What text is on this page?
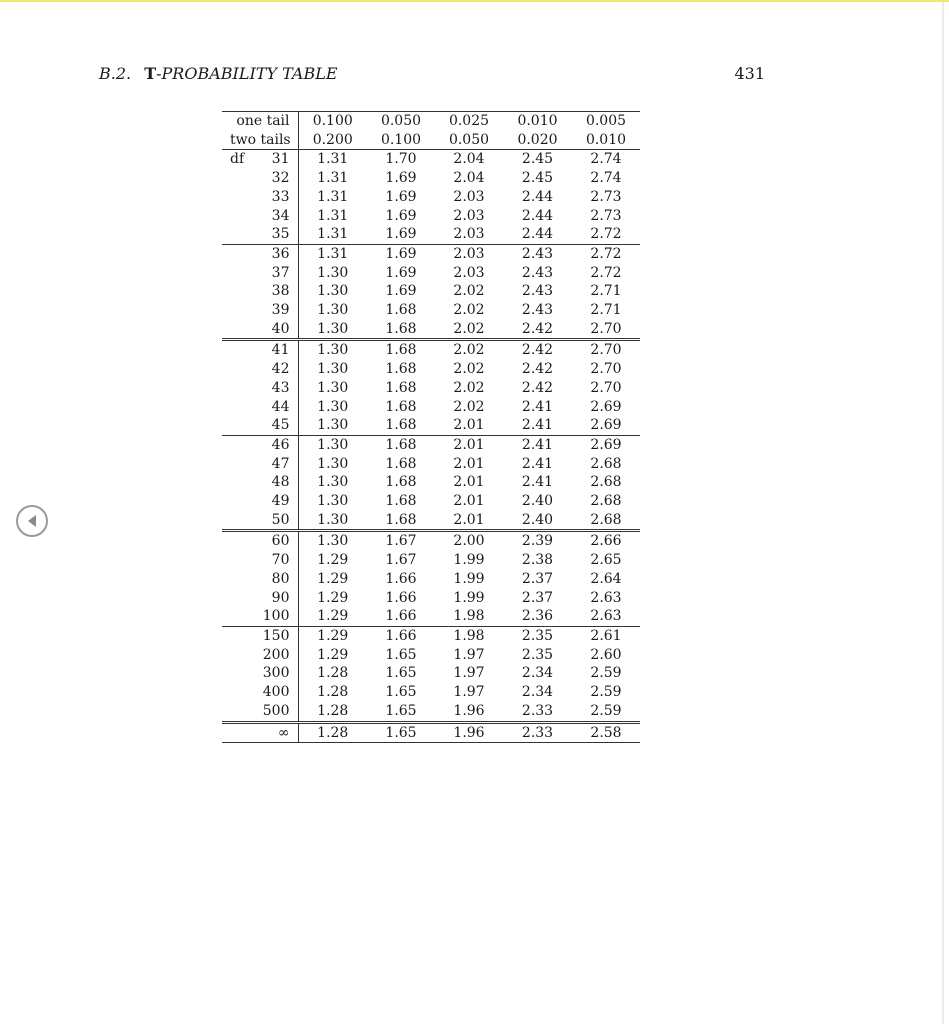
B.2. T-PROBABILITY TABLE	431
one tail	0.100	0.050	0.025	0.010	0.005
two tails	0.200	0.100	0.050	0.020	0.010

df 31	1.31	1.70	2.04	2.45	2.74
32	1.31	1.69	2.04	2.45	2.74
33	1.31	1.69	2.03	2.44	2.73
34	1.31	1.69	2.03	2.44	2.73
35	1.31	1.69	2.03	2.44	2.72
36	1.31	1.69	2.03	2.43	2.72
37	1.30	1.69	2.03	2.43	2.72
38	1.30	1.69	2.02	2.43	2.71
39	1.30	1.68	2.02	2.43	2.71
40	1.30	1.68	2.02	2.42	2.70
41	1.30	1.68	2.02	2.42	2.70
42	1.30	1.68	2.02	2.42	2.70
43	1.30	1.68	2.02	2.42	2.70
44	1.30	1.68	2.02	2.41	2.69
45	1.30	1.68	2.01	2.41	2.69
46	1.30	1.68	2.01	2.41	2.69
47	1.30	1.68	2.01	2.41	2.68
48	1.30	1.68	2.01	2.41	2.68
49	1.30	1.68	2.01	2.40	2.68
50	1.30	1.68	2.01	2.40	2.68
60	1.30	1.67	2.00	2.39	2.66
70	1.29	1.67	1.99	2.38	2.65
80	1.29	1.66	1.99	2.37	2.64
90	1.29	1.66	1.99	2.37	2.63
100	1.29	1.66	1.98	2.36	2.63
150	1.29	1.66	1.98	2.35	2.61
200	1.29	1.65	1.97	2.35	2.60
300	1.28	1.65	1.97	2.34	2.59
400	1.28	1.65	1.97	2.34	2.59
500	1.28	1.65	1.96	2.33	2.59
∞	1.28	1.65	1.96	2.33	2.58
